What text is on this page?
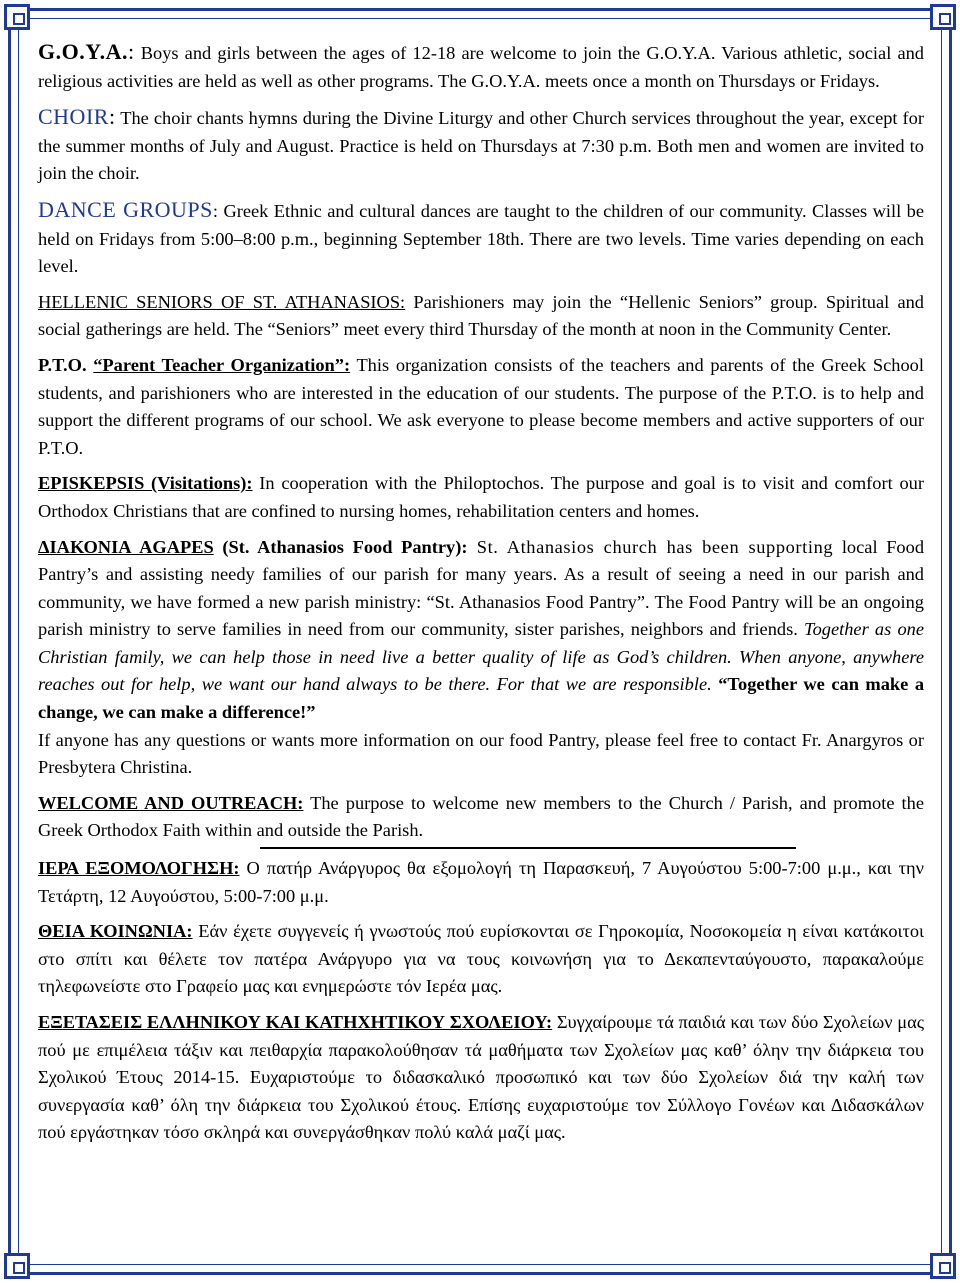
G.O.Y.A.: Boys and girls between the ages of 12-18 are welcome to join the G.O.Y.A. Various athletic, social and religious activities are held as well as other programs. The G.O.Y.A. meets once a month on Thursdays or Fridays.

CHOIR: The choir chants hymns during the Divine Liturgy and other Church services throughout the year, except for the summer months of July and August. Practice is held on Thursdays at 7:30 p.m. Both men and women are invited to join the choir.

DANCE GROUPS: Greek Ethnic and cultural dances are taught to the children of our community. Classes will be held on Fridays from 5:00–8:00 p.m., beginning September 18th. There are two levels. Time varies depending on each level.

HELLENIC SENIORS OF ST. ATHANASIOS: Parishioners may join the “Hellenic Seniors” group. Spiritual and social gatherings are held. The “Seniors” meet every third Thursday of the month at noon in the Community Center.

P.T.O. “Parent Teacher Organization”: This organization consists of the teachers and parents of the Greek School students, and parishioners who are interested in the education of our students. The purpose of the P.T.O. is to help and support the different programs of our school. We ask everyone to please become members and active supporters of our P.T.O.

EPISKEPSIS (Visitations): In cooperation with the Philoptochos. The purpose and goal is to visit and comfort our Orthodox Christians that are confined to nursing homes, rehabilitation centers and homes.

ΔΙΑΚΟΝΙΑ AGAPES (St. Athanasios Food Pantry): St. Athanasios church has been supporting local Food Pantry’s and assisting needy families of our parish for many years. As a result of seeing a need in our parish and community, we have formed a new parish ministry: “St. Athanasios Food Pantry”. The Food Pantry will be an ongoing parish ministry to serve families in need from our community, sister parishes, neighbors and friends. Together as one Christian family, we can help those in need live a better quality of life as God’s children. When anyone, anywhere reaches out for help, we want our hand always to be there. For that we are responsible. “Together we can make a change, we can make a difference!”

If anyone has any questions or wants more information on our food Pantry, please feel free to contact Fr. Anargyros or Presbytera Christina.

WELCOME AND OUTREACH: The purpose to welcome new members to the Church / Parish, and promote the Greek Orthodox Faith within and outside the Parish.

ΙΕΡΑ ΕΞΟΜΟΛΟΓΗΣΗ: Ο πατήρ Ανάργυρος θα εξομολογή τη Παρασκευή, 7 Αυγούστου 5:00-7:00 μ.μ., και την Τετάρτη, 12 Αυγούστου, 5:00-7:00 μ.μ.

ΘΕΙΑ ΚΟΙΝΩΝΙΑ: Εάν έχετε συγγενείς ή γνωστούς πού ευρίσκονται σε Γηροκομία, Νοσοκομεία η είναι κατάκοιτοι στο σπίτι και θέλετε τον πατέρα Ανάργυρο για να τους κοινωνήση για το Δεκαπενταύγουστο, παρακαλούμε τηλεφωνείστε στο Γραφείο μας και ενημερώστε τόν Ιερέα μας.

ΕΞΕΤΑΣΕΙΣ ΕΛΛΗΝΙΚΟΥ ΚΑΙ ΚΑΤΗΧΗΤΙΚΟΥ ΣΧΟΛΕΙΟΥ: Συγχαίρουμε τά παιδιά και των δύο Σχολείων μας πού με επιμέλεια τάξιν και πειθαρχία παρακολούθησαν τά μαθήματα των Σχολείων μας καθ’ όλην την διάρκεια του Σχολικού Έτους 2014-15. Ευχαριστούμε το διδασκαλικό προσωπικό και των δύο Σχολείων διά την καλή των συνεργασία καθ’ όλη την διάρκεια του Σχολικού έτους. Επίσης ευχαριστούμε τον Σύλλογο Γονέων και Διδασκάλων πού εργάστηκαν τόσο σκληρά και συνεργάσθηκαν πολύ καλά μαζί μας.
